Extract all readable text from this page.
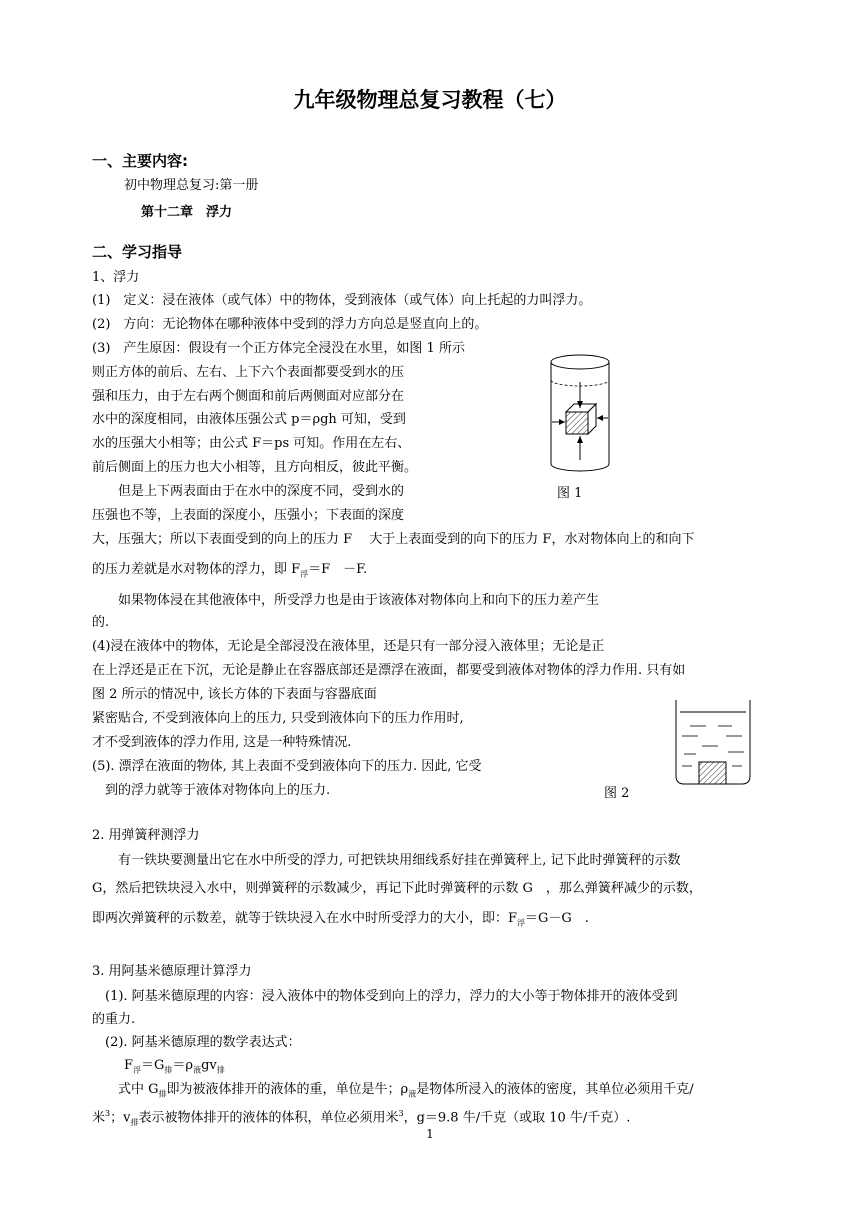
九年级物理总复习教程（七）
一、主要内容:
初中物理总复习:第一册
第十二章　浮力
二、学习指导
1、浮力
(1)　定义：浸在液体（或气体）中的物体，受到液体（或气体）向上托起的力叫浮力。
(2)　方向：无论物体在哪种液体中受到的浮力方向总是竖直向上的。
(3)　产生原因：假设有一个正方体完全浸没在水里，如图 1 所示
则正方体的前后、左右、上下六个表面都要受到水的压
强和压力，由于左右两个侧面和前后两侧面对应部分在
水中的深度相同，由液体压强公式 p＝ρgh 可知，受到
水的压强大小相等；由公式 F＝ps 可知。作用在左右、
前后侧面上的压力也大小相等，且方向相反，彼此平衡。
　　但是上下两表面由于在水中的深度不同，受到水的
压强也不等，上表面的深度小，压强小；下表面的深度
大，压强大；所以下表面受到的向上的压力 F　 大于上表面受到的向下的压力 F，水对物体向上的和向下
的压力差就是水对物体的浮力，即 $F_浮=F$　－F.
　　如果物体浸在其他液体中，所受浮力也是由于该液体对物体向上和向下的压力差产生
的.
(4)浸在液体中的物体，无论是全部浸没在液体里，还是只有一部分浸入液体里；无论是正
在上浮还是正在下沉，无论是静止在容器底部还是漂浮在液面，都要受到液体对物体的浮力作用. 只有如
图 2 所示的情况中, 该长方体的下表面与容器底面
紧密贴合, 不受到液体向上的压力, 只受到液体向下的压力作用时,
才不受到液体的浮力作用, 这是一种特殊情况.
(5). 漂浮在液面的物体, 其上表面不受到液体向下的压力. 因此, 它受
　到的浮力就等于液体对物体向上的压力.
图 1
图 2
2. 用弹簧秤测浮力
　　有一铁块要测量出它在水中所受的浮力, 可把铁块用细线系好挂在弹簧秤上, 记下此时弹簧秤的示数
G，然后把铁块浸入水中，则弹簧秤的示数减少，再记下此时弹簧秤的示数 G　，那么弹簧秤减少的示数，
即两次弹簧秤的示数差，就等于铁块浸入在水中时所受浮力的大小，即：$F_浮=G-G$　.
3. 用阿基米德原理计算浮力
　(1). 阿基米德原理的内容：浸入液体中的物体受到向上的浮力，浮力的大小等于物体排开的液体受到
的重力.
　(2). 阿基米德原理的数学表达式：
$F_浮=G_排=\rho_液gv_排$
　　式中 $G_排$即为被液体排开的液体的重，单位是牛；$\rho_液$是物体所浸入的液体的密度，其单位必须用千克/
米$^3$；$v_排$表示被物体排开的液体的体积，单位必须用米$^3$，g＝9.8 牛/千克（或取 10 牛/千克）.
1
